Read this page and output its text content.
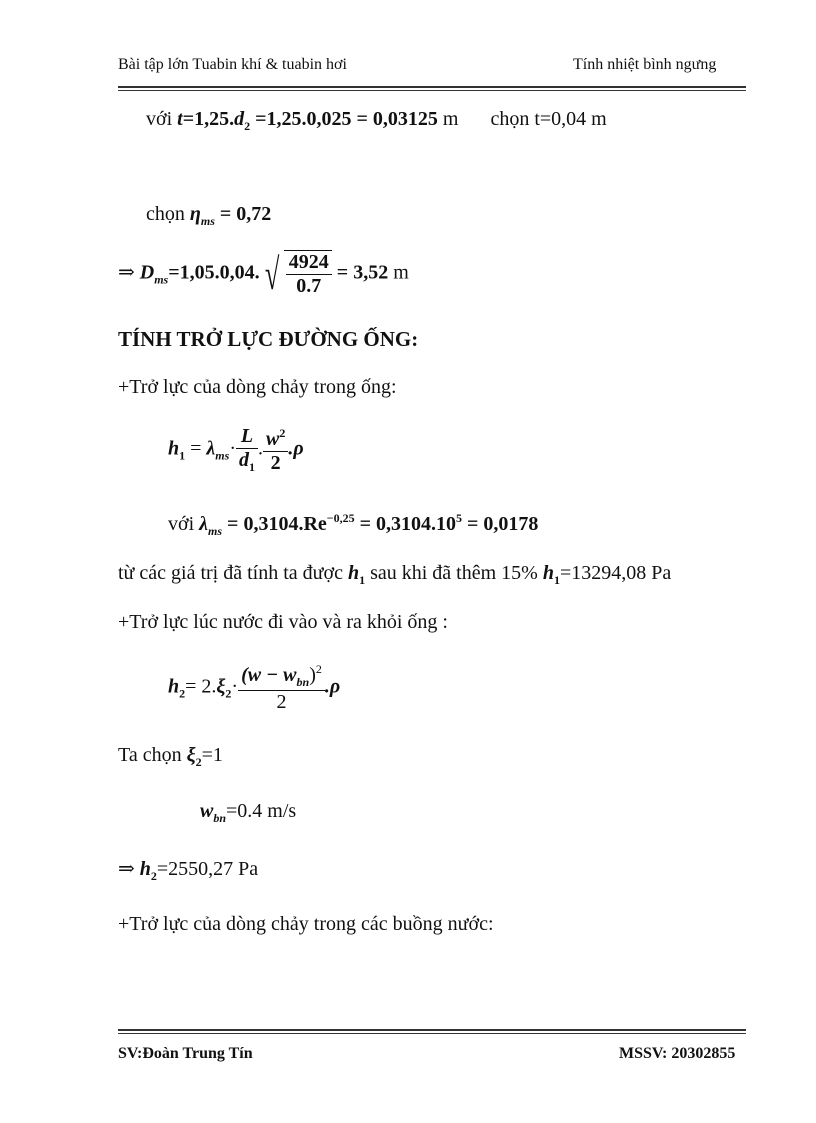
Bài tập lớn Tuabin khí & tuabin hơi	Tính nhiệt bình ngưng
với $t=1,25.d_2 =1,25.0,025 = 0,03125$ m chọn t=0,04 m
chọn $\eta_{ms} = 0,72$
⇒ $D_{ms}=1,05.0,04$. √ $\frac{4924}{0.7} = 3,52$ m
TÍNH TRỞ LỰC ĐƯỜNG ỐNG:
+Trở lực của dòng chảy trong ống:
$h_1 = \lambda_{ms}\cdot \frac{L}{d_1}$ . $\frac{w^2}{2} .\rho$
với $\lambda_{ms} = 0,3104.Re^{-0,25} = 0,3104.10^5 = 0,0178$
từ các giá trị đã tính ta được $h_1$ sau khi đã thêm 15% $h_1=13294,08$ Pa
+Trở lực lúc nước đi vào và ra khỏi ống :
$h_2= 2.\xi_2\cdot \frac{(w - w_{bn})^2}{2} .\rho$
Ta chọn $\xi_2=1$
$w_{bn}=0.4$ m/s
⇒ $h_2=2550,27$ Pa
+Trở lực của dòng chảy trong các buồng nước:
SV:Đoàn Trung Tín	MSSV: 20302855
